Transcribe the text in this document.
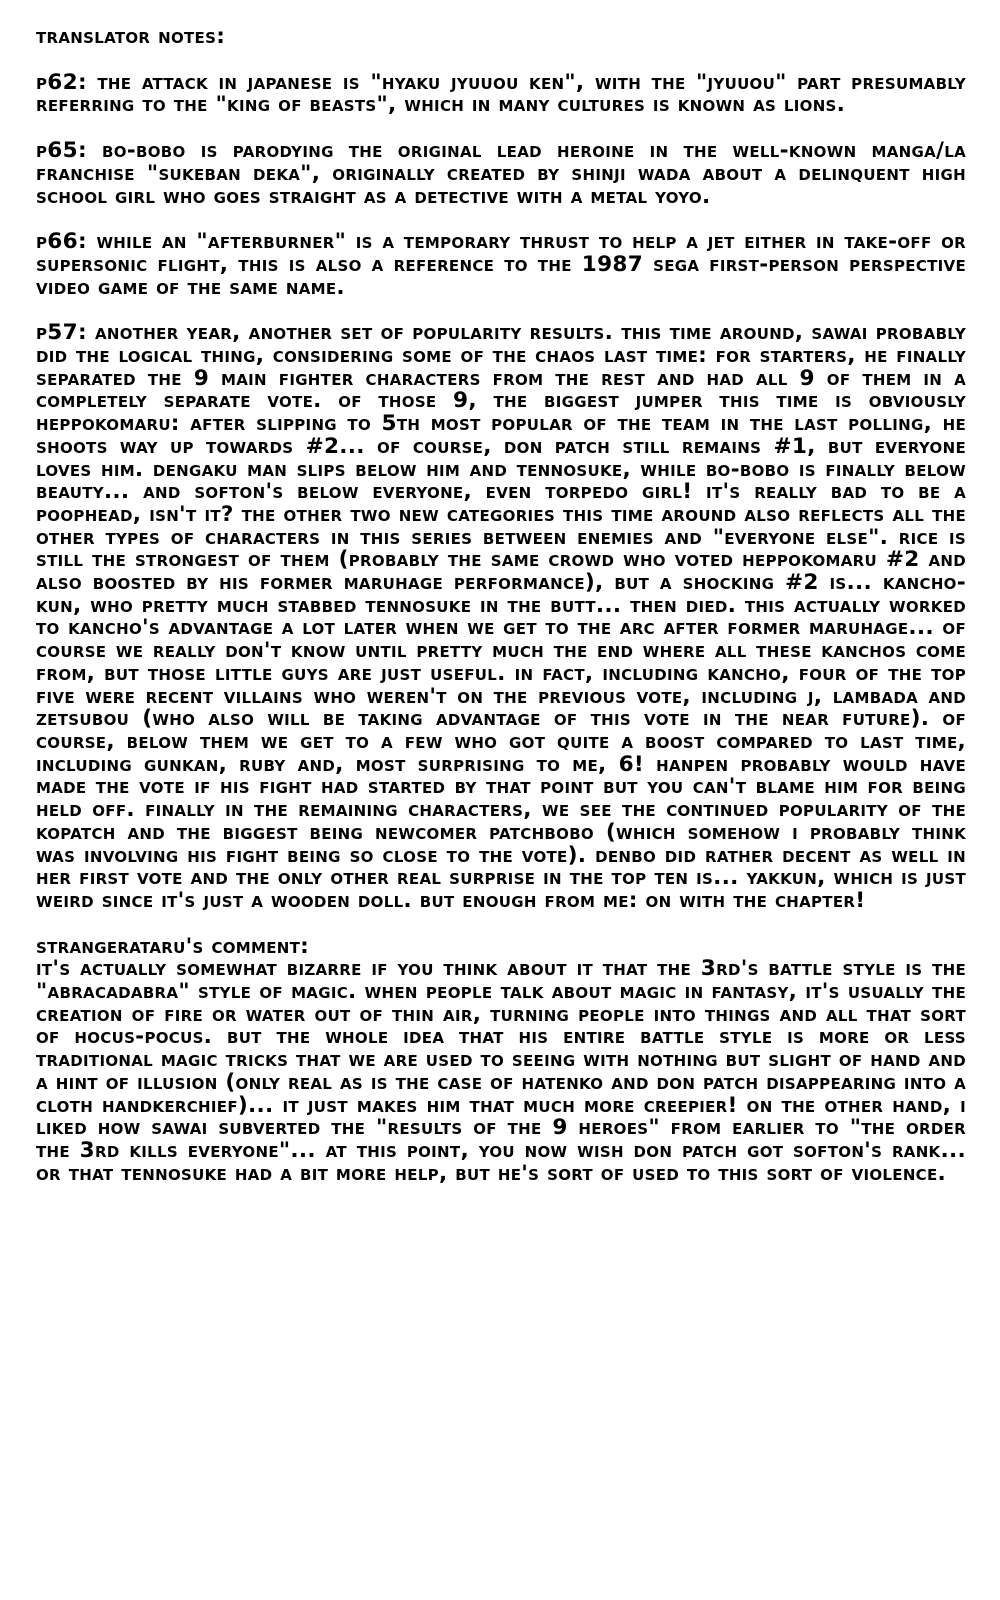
translator notes:
p62: the attack in japanese is "hyaku jyuuou ken", with the "jyuuou" part presumably referring to the "king of beasts", which in many cultures is known as lions.
p65: bo-bobo is parodying the original lead heroine in the well-known manga/la franchise "sukeban deka", originally created by shinji wada about a delinquent high school girl who goes straight as a detective with a metal yoyo.
p66: while an "afterburner" is a temporary thrust to help a jet either in take-off or supersonic flight, this is also a reference to the 1987 sega first-person perspective video game of the same name.
p57: another year, another set of popularity results. this time around, sawai probably did the logical thing, considering some of the chaos last time: for starters, he finally separated the 9 main fighter characters from the rest and had all 9 of them in a completely separate vote. of those 9, the biggest jumper this time is obviously heppokomaru: after slipping to 5th most popular of the team in the last polling, he shoots way up towards #2... of course, don patch still remains #1, but everyone loves him. dengaku man slips below him and tennosuke, while bo-bobo is finally below beauty... and softon's below everyone, even torpedo girl! it's really bad to be a poophead, isn't it? the other two new categories this time around also reflects all the other types of characters in this series between enemies and "everyone else". rice is still the strongest of them (probably the same crowd who voted heppokomaru #2 and also boosted by his former maruhage performance), but a shocking #2 is... kancho-kun, who pretty much stabbed tennosuke in the butt... then died. this actually worked to kancho's advantage a lot later when we get to the arc after former maruhage... of course we really don't know until pretty much the end where all these kanchos come from, but those little guys are just useful. in fact, including kancho, four of the top five were recent villains who weren't on the previous vote, including j, lambada and zetsubou (who also will be taking advantage of this vote in the near future). of course, below them we get to a few who got quite a boost compared to last time, including gunkan, ruby and, most surprising to me, 6! hanpen probably would have made the vote if his fight had started by that point but you can't blame him for being held off. finally in the remaining characters, we see the continued popularity of the kopatch and the biggest being newcomer patchbobo (which somehow i probably think was involving his fight being so close to the vote). denbo did rather decent as well in her first vote and the only other real surprise in the top ten is... yakkun, which is just weird since it's just a wooden doll. but enough from me: on with the chapter!
strangerataru's comment:
it's actually somewhat bizarre if you think about it that the 3rd's battle style is the "abracadabra" style of magic. when people talk about magic in fantasy, it's usually the creation of fire or water out of thin air, turning people into things and all that sort of hocus-pocus. but the whole idea that his entire battle style is more or less traditional magic tricks that we are used to seeing with nothing but slight of hand and a hint of illusion (only real as is the case of hatenko and don patch disappearing into a cloth handkerchief)... it just makes him that much more creepier! on the other hand, i liked how sawai subverted the "results of the 9 heroes" from earlier to "the order the 3rd kills everyone"... at this point, you now wish don patch got softon's rank... or that tennosuke had a bit more help, but he's sort of used to this sort of violence.
